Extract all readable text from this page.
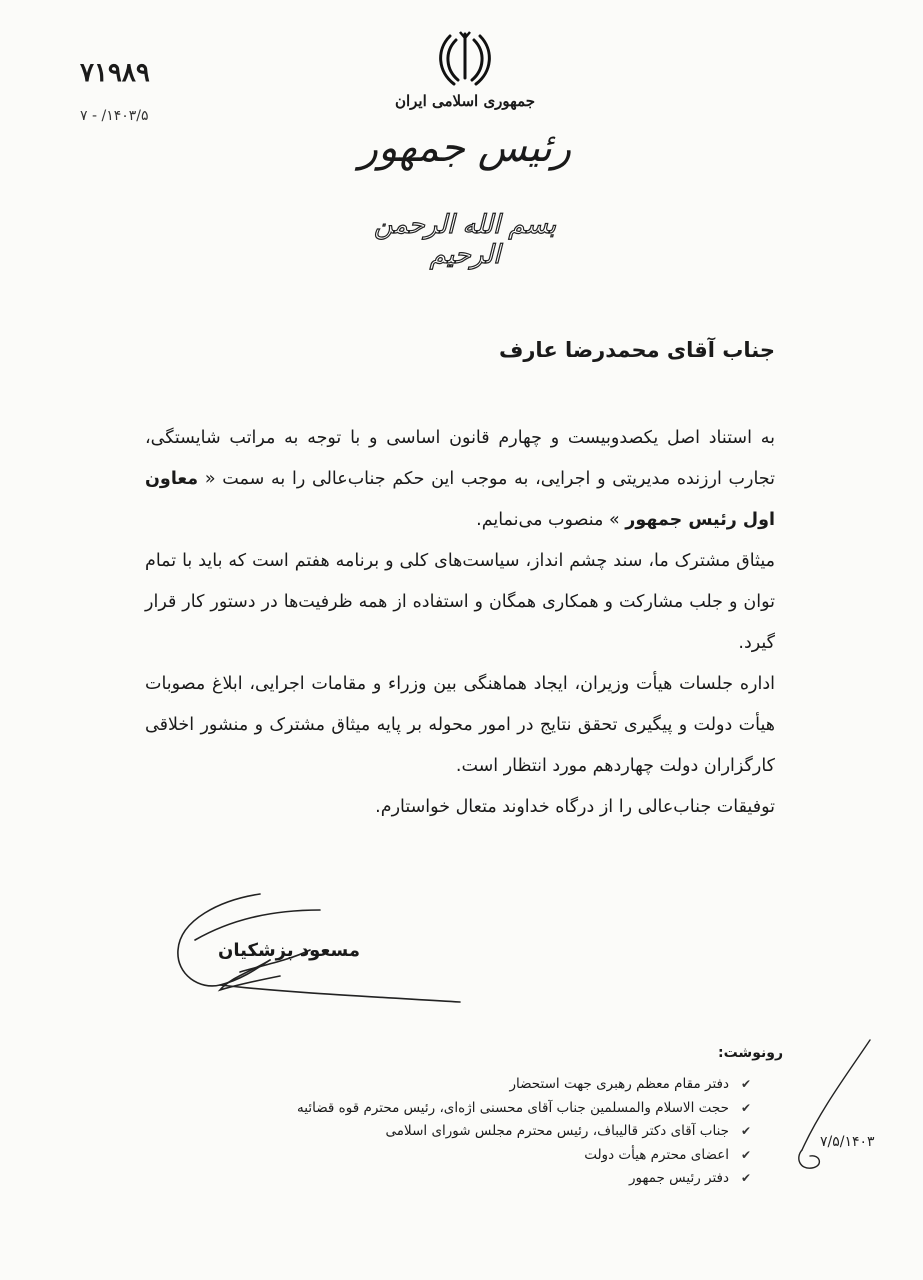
۷۱۹۸۹
۱۴۰۳/۵/ - ۷
جمهوری اسلامی ایران
رئیس جمهور
بسم الله الرحمن الرحیم
جناب آقای محمدرضا عارف

به استناد اصل یکصدوبیست و چهارم قانون اساسی و با توجه به مراتب شایستگی، تجارب ارزنده مدیریتی و اجرایی، به موجب این حکم جناب‌عالی را به سمت « معاون اول رئیس جمهور » منصوب می‌نمایم.

میثاق مشترک ما، سند چشم انداز، سیاست‌های کلی و برنامه هفتم است که باید با تمام توان و جلب مشارکت و همکاری همگان و استفاده از همه ظرفیت‌ها در دستور کار قرار گیرد.

اداره جلسات هیأت وزیران، ایجاد هماهنگی بین وزراء و مقامات اجرایی، ابلاغ مصوبات هیأت دولت و پیگیری تحقق نتایج در امور محوله بر پایه میثاق مشترک و منشور اخلاقی کارگزاران دولت چهاردهم مورد انتظار است.

توفیقات جناب‌عالی را از درگاه خداوند متعال خواستارم.

مسعود پزشکیان
رونوشت:
✔ دفتر مقام معظم رهبری جهت استحضار
✔ حجت الاسلام والمسلمین جناب آقای محسنی اژه‌ای، رئیس محترم قوه قضائیه
✔ جناب آقای دکتر قالیباف، رئیس محترم مجلس شورای اسلامی
✔ اعضای محترم هیأت دولت
✔ دفتر رئیس جمهور
۷/۵/۱۴۰۳
